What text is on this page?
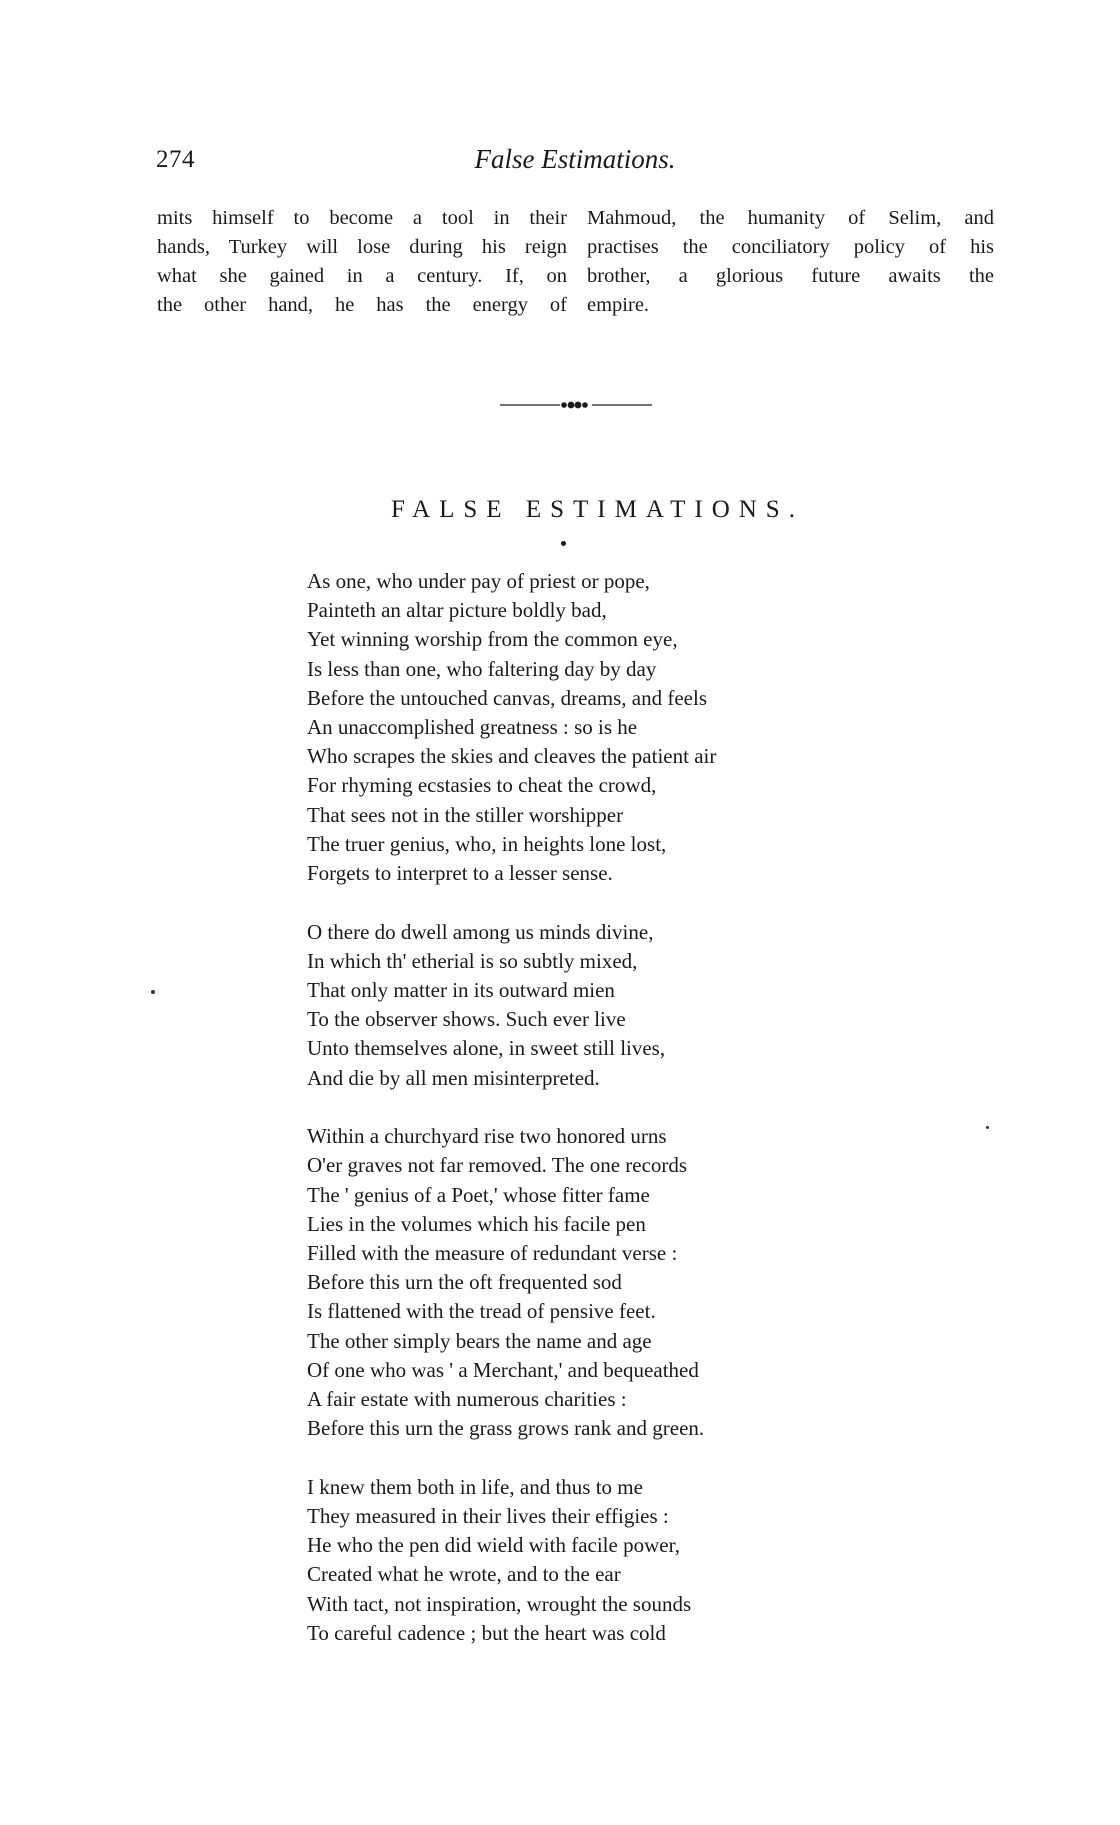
274	False Estimations.
mits himself to become a tool in their
hands, Turkey will lose during his reign
what she gained in a century. If, on
the other hand, he has the energy of
Mahmoud, the humanity of Selim, and
practises the conciliatory policy of his
brother, a glorious future awaits the
empire.
FALSE ESTIMATIONS.
As one, who under pay of priest or pope,
Painteth an altar picture boldly bad,
Yet winning worship from the common eye,
Is less than one, who faltering day by day
Before the untouched canvas, dreams, and feels
An unaccomplished greatness : so is he
Who scrapes the skies and cleaves the patient air
For rhyming ecstasies to cheat the crowd,
That sees not in the stiller worshipper
The truer genius, who, in heights lone lost,
Forgets to interpret to a lesser sense.
O there do dwell among us minds divine,
In which th' etherial is so subtly mixed,
That only matter in its outward mien
To the observer shows. Such ever live
Unto themselves alone, in sweet still lives,
And die by all men misinterpreted.
Within a churchyard rise two honored urns
O'er graves not far removed. The one records
The ' genius of a Poet,' whose fitter fame
Lies in the volumes which his facile pen
Filled with the measure of redundant verse :
Before this urn the oft frequented sod
Is flattened with the tread of pensive feet.
The other simply bears the name and age
Of one who was ' a Merchant,' and bequeathed
A fair estate with numerous charities :
Before this urn the grass grows rank and green.
I knew them both in life, and thus to me
They measured in their lives their effigies :
He who the pen did wield with facile power,
Created what he wrote, and to the ear
With tact, not inspiration, wrought the sounds
To careful cadence ; but the heart was cold
